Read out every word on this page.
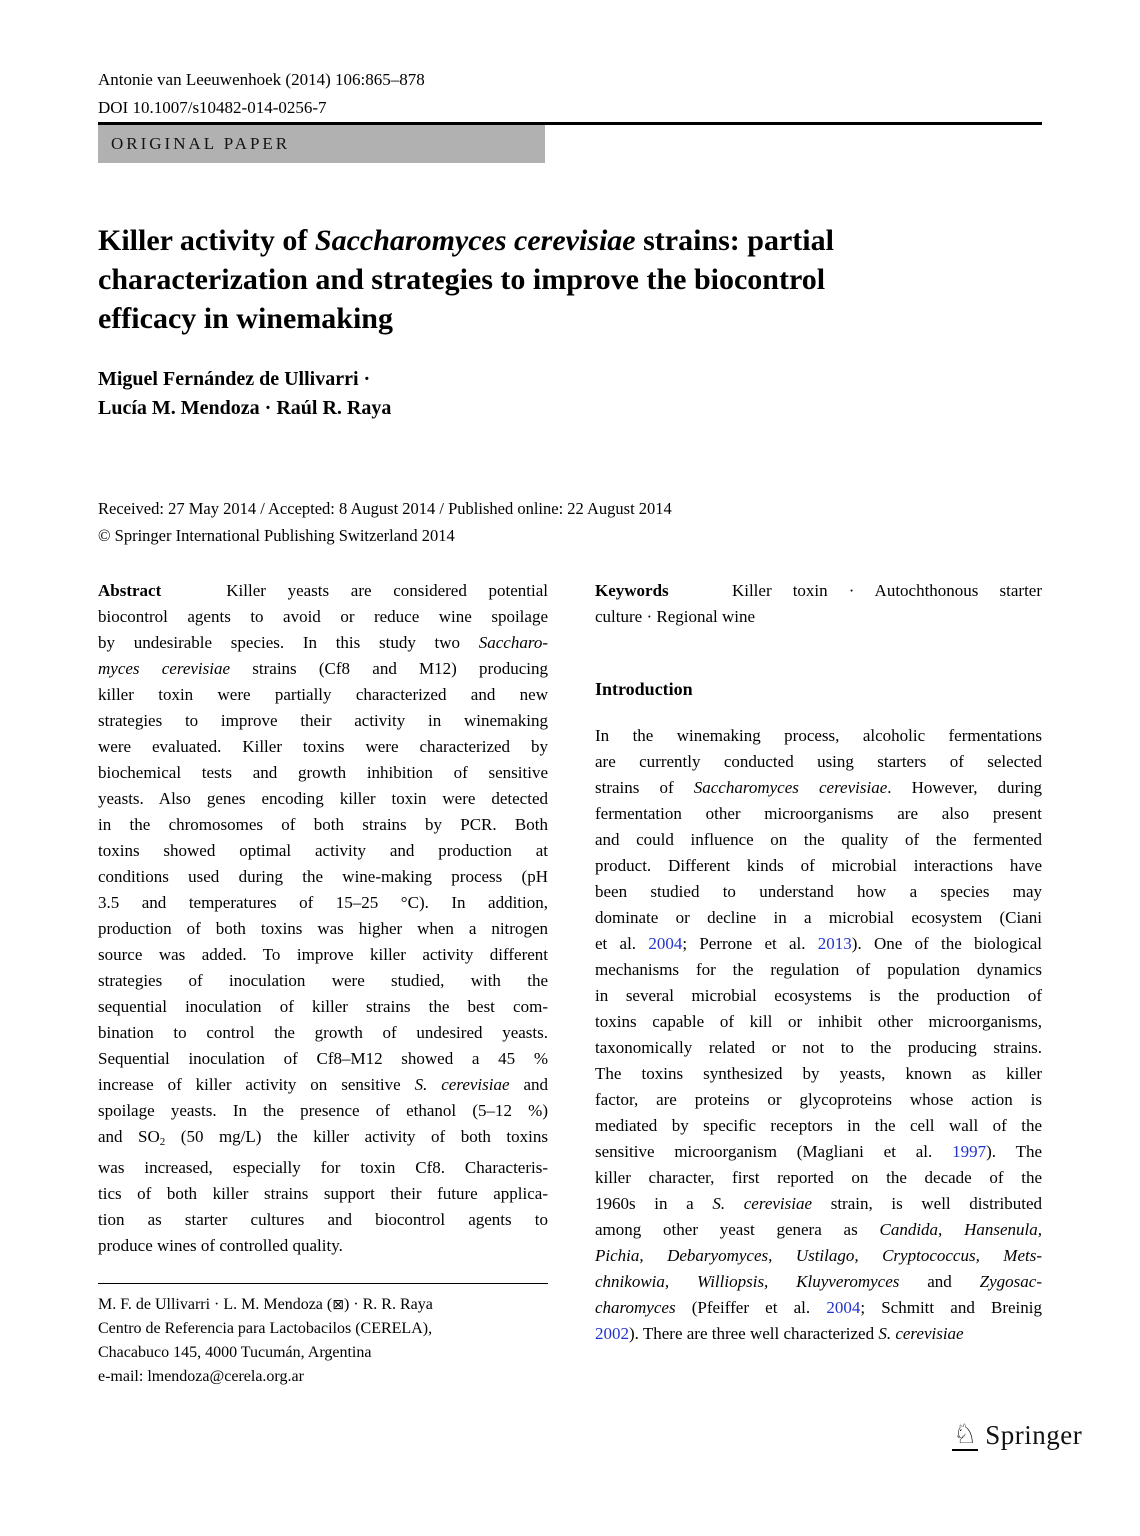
Antonie van Leeuwenhoek (2014) 106:865–878
DOI 10.1007/s10482-014-0256-7
ORIGINAL PAPER
Killer activity of Saccharomyces cerevisiae strains: partial
characterization and strategies to improve the biocontrol
efficacy in winemaking
Miguel Fernández de Ullivarri ·
Lucía M. Mendoza · Raúl R. Raya
Received: 27 May 2014 / Accepted: 8 August 2014 / Published online: 22 August 2014
© Springer International Publishing Switzerland 2014
Abstract   Killer yeasts are considered potential
biocontrol agents to avoid or reduce wine spoilage
by undesirable species. In this study two Saccharo-
myces cerevisiae strains (Cf8 and M12) producing
killer toxin were partially characterized and new
strategies to improve their activity in winemaking
were evaluated. Killer toxins were characterized by
biochemical tests and growth inhibition of sensitive
yeasts. Also genes encoding killer toxin were detected
in the chromosomes of both strains by PCR. Both
toxins showed optimal activity and production at
conditions used during the wine-making process (pH
3.5 and temperatures of 15–25 °C). In addition,
production of both toxins was higher when a nitrogen
source was added. To improve killer activity different
strategies of inoculation were studied, with the
sequential inoculation of killer strains the best com-
bination to control the growth of undesired yeasts.
Sequential inoculation of Cf8–M12 showed a 45 %
increase of killer activity on sensitive S. cerevisiae and
spoilage yeasts. In the presence of ethanol (5–12 %)
and SO2 (50 mg/L) the killer activity of both toxins
was increased, especially for toxin Cf8. Characteris-
tics of both killer strains support their future applica-
tion as starter cultures and biocontrol agents to
produce wines of controlled quality.
M. F. de Ullivarri · L. M. Mendoza (⊠) · R. R. Raya
Centro de Referencia para Lactobacilos (CERELA),
Chacabuco 145, 4000 Tucumán, Argentina
e-mail: lmendoza@cerela.org.ar
Keywords   Killer toxin · Autochthonous starter
culture · Regional wine
Introduction
In the winemaking process, alcoholic fermentations
are currently conducted using starters of selected
strains of Saccharomyces cerevisiae. However, during
fermentation other microorganisms are also present
and could influence on the quality of the fermented
product. Different kinds of microbial interactions have
been studied to understand how a species may
dominate or decline in a microbial ecosystem (Ciani
et al. 2004; Perrone et al. 2013). One of the biological
mechanisms for the regulation of population dynamics
in several microbial ecosystems is the production of
toxins capable of kill or inhibit other microorganisms,
taxonomically related or not to the producing strains.
The toxins synthesized by yeasts, known as killer
factor, are proteins or glycoproteins whose action is
mediated by specific receptors in the cell wall of the
sensitive microorganism (Magliani et al. 1997). The
killer character, first reported on the decade of the
1960s in a S. cerevisiae strain, is well distributed
among other yeast genera as Candida, Hansenula,
Pichia, Debaryomyces, Ustilago, Cryptococcus, Mets-
chnikowia, Williopsis, Kluyveromyces and Zygosac-
charomyces (Pfeiffer et al. 2004; Schmitt and Breinig
2002). There are three well characterized S. cerevisiae
♘ Springer
